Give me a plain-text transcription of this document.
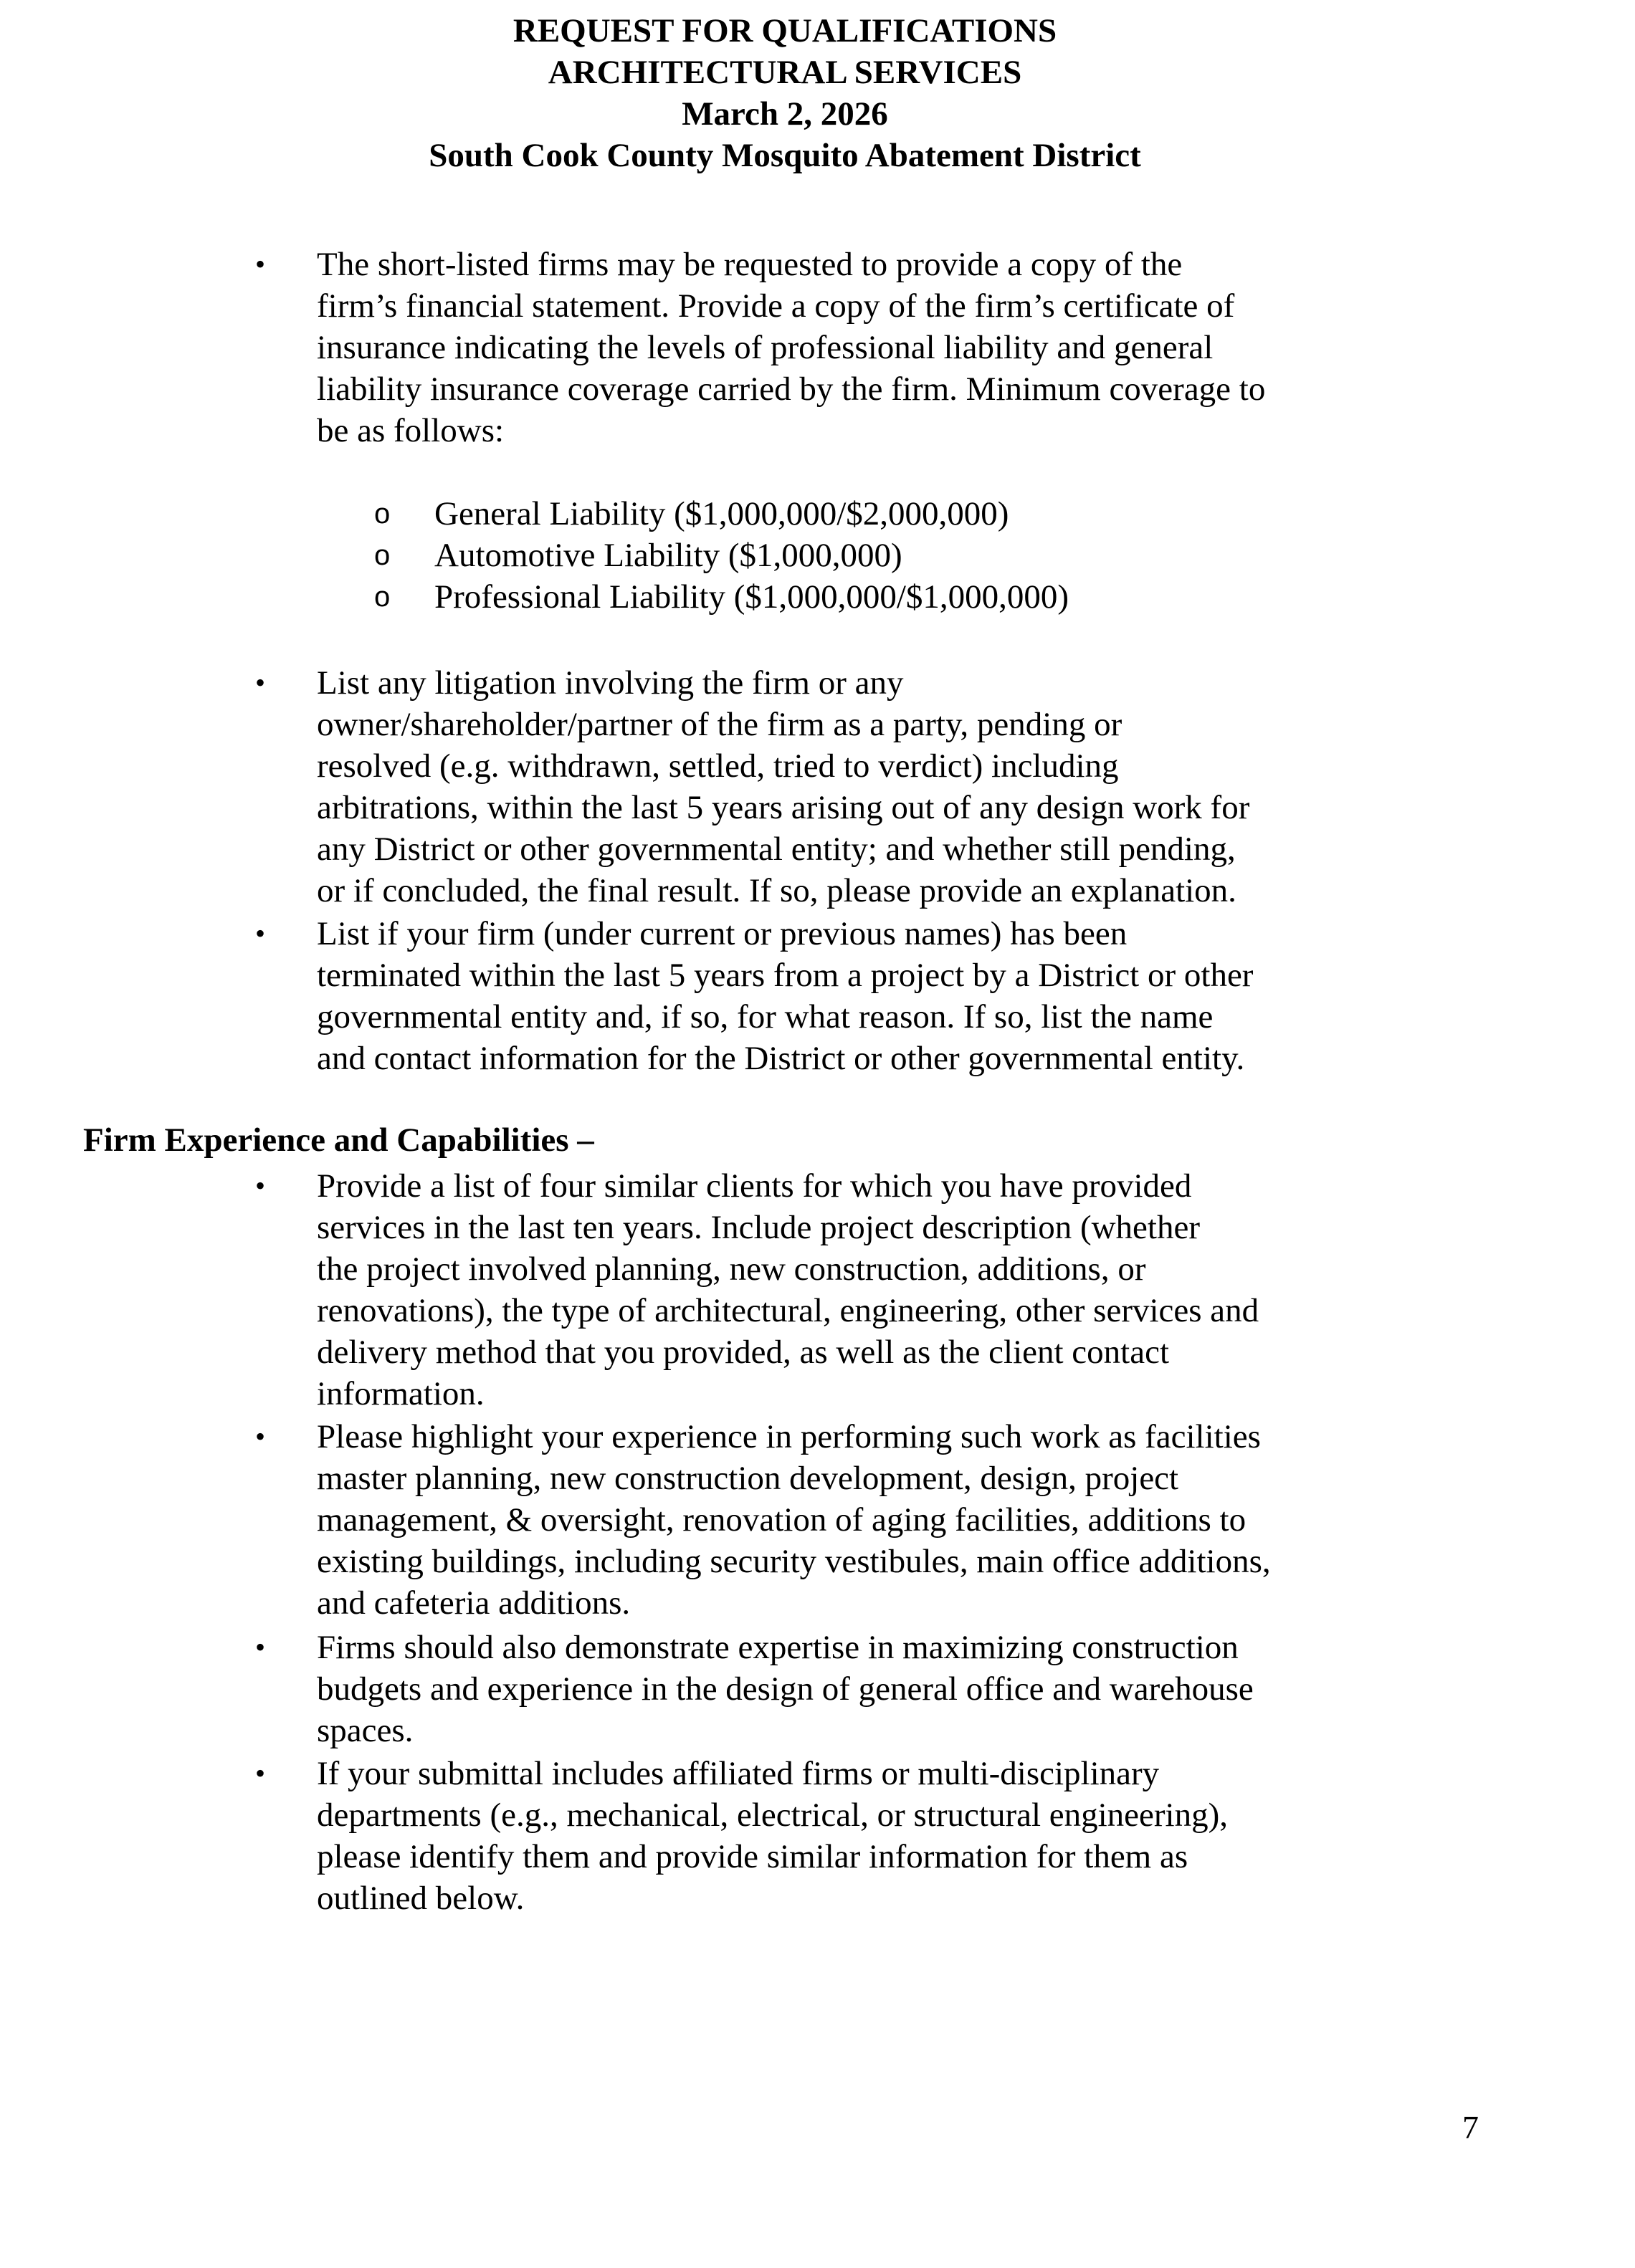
REQUEST FOR QUALIFICATIONS
ARCHITECTURAL SERVICES
March 2, 2026
South Cook County Mosquito Abatement District
• The short-listed firms may be requested to provide a copy of the
firm’s financial statement. Provide a copy of the firm’s certificate of
insurance indicating the levels of professional liability and general
liability insurance coverage carried by the firm. Minimum coverage to
be as follows:
o
o
o
General Liability ($1,000,000/$2,000,000)
Automotive Liability ($1,000,000)
Professional Liability ($1,000,000/$1,000,000)
• List any litigation involving the firm or any
owner/shareholder/partner of the firm as a party, pending or
resolved (e.g. withdrawn, settled, tried to verdict) including
arbitrations, within the last 5 years arising out of any design work for
any District or other governmental entity; and whether still pending,
or if concluded, the final result. If so, please provide an explanation.
• List if your firm (under current or previous names) has been
terminated within the last 5 years from a project by a District or other
governmental entity and, if so, for what reason. If so, list the name
and contact information for the District or other governmental entity.
Firm Experience and Capabilities –
• Provide a list of four similar clients for which you have provided
services in the last ten years. Include project description (whether
the project involved planning, new construction, additions, or
renovations), the type of architectural, engineering, other services and
delivery method that you provided, as well as the client contact
information.
• Please highlight your experience in performing such work as facilities
master planning, new construction development, design, project
management, & oversight, renovation of aging facilities, additions to
existing buildings, including security vestibules, main office additions,
and cafeteria additions.
• Firms should also demonstrate expertise in maximizing construction
budgets and experience in the design of general office and warehouse
spaces.
• If your submittal includes affiliated firms or multi-disciplinary
departments (e.g., mechanical, electrical, or structural engineering),
please identify them and provide similar information for them as
outlined below.
7
